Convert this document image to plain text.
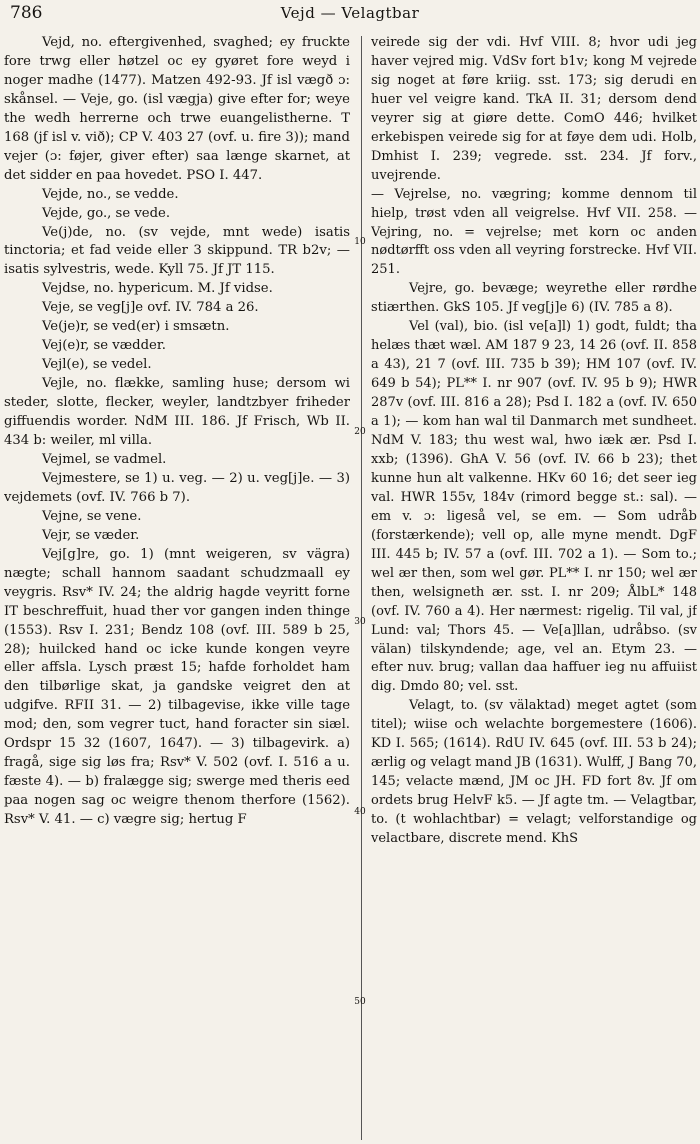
786	Vejd — Velagtbar

Vejd, no. eftergivenhed, svaghed; ey fruckte fore trwg eller høtzel oc ey gyøret fore weyd i noger madhe (1477). Matzen 492-93. Jf isl vægð ɔ: skånsel. — Veje, go. (isl vægja) give efter for; weye the wedh herrerne och trwe euangelistherne. T 168 (jf isl v. við); CP V. 403 27 (ovf. u. fire 3)); mand vejer (ɔ: føjer, giver efter) saa længe skarnet, at det sidder en paa hovedet. PSO I. 447.

Vejde, no., se vedde.

Vejde, go., se vede.

Ve(j)de, no. (sv vejde, mnt wede) isatis tinctoria; et fad veide eller 3 skippund. TR b2v; — isatis sylvestris, wede. Kyll 75. Jf JT 115.

Vejdse, no. hypericum. M. Jf vidse.

Veje, se veg[j]e ovf. IV. 784 a 26.

Ve(je)r, se ved(er) i smsætn.

Vej(e)r, se vædder.

Vejl(e), se vedel.

Vejle, no. flække, samling huse; dersom wi steder, slotte, flecker, weyler, landtzbyer friheder giffuendis worder. NdM III. 186. Jf Frisch, Wb II. 434 b: weiler, ml villa.

Vejmel, se vadmel.

Vejmestere, se 1) u. veg. — 2) u. veg[j]e. — 3) vejdemets (ovf. IV. 766 b 7).

Vejne, se vene.

Vejr, se væder.

Vej[g]re, go. 1) (mnt weigeren, sv vägra) nægte; schall hannom saadant schudzmaall ey veygris. Rsv* IV. 24; the aldrig hagde veyritt forne IT beschreffuit, huad ther vor gangen inden thinge (1553). Rsv I. 231; Bendz 108 (ovf. III. 589 b 25, 28); huilcked hand oc icke kunde kongen veyre eller affsla. Lysch præst 15; hafde forholdet ham den tilbørlige skat, ja gandske veigret den at udgifve. RFII 31. — 2) tilbagevise, ikke ville tage mod; den, som vegrer tuct, hand foracter sin siæl. Ordspr 15 32 (1607, 1647). — 3) tilbagevirk. a) fragå, sige sig løs fra; Rsv* V. 502 (ovf. I. 516 a u. fæste 4). — b) fralægge sig; swerge med theris eed paa nogen sag oc weigre thenom therfore (1562). Rsv* V. 41. — c) vægre sig; hertug F

10
20
30
40
50

veirede sig der vdi. Hvf VIII. 8; hvor udi jeg haver vejred mig. VdSv fort b1v; kong M vejrede sig noget at føre kriig. sst. 173; sig derudi en huer vel veigre kand. TkA II. 31; dersom dend veyrer sig at giøre dette. ComO 446; hvilket erkebispen veirede sig for at føye dem udi. Holb, Dmhist I. 239; vegrede. sst. 234. Jf forv., uvejrende.

— Vejrelse, no. vægring; komme dennom til hielp, trøst vden all veigrelse. Hvf VII. 258. — Vejring, no. = vejrelse; met korn oc anden nødtørfft oss vden all veyring forstrecke. Hvf VII. 251.

Vejre, go. bevæge; weyrethe eller rørdhe stiærthen. GkS 105. Jf veg[j]e 6) (IV. 785 a 8).

Vel (val), bio. (isl ve[a]l) 1) godt, fuldt; tha helæs thæt wæl. AM 187 9 23, 14 26 (ovf. II. 858 a 43), 21 7 (ovf. III. 735 b 39); HM 107 (ovf. IV. 649 b 54); PL** I. nr 907 (ovf. IV. 95 b 9); HWR 287v (ovf. III. 816 a 28); Psd I. 182 a (ovf. IV. 650 a 1); — kom han wal til Danmarch met sundheet. NdM V. 183; thu west wal, hwo iæk ær. Psd I. xxb; (1396). GhA V. 56 (ovf. IV. 66 b 23); thet kunne hun alt valkenne. HKv 60 16; det seer ieg val. HWR 155v, 184v (rimord begge st.: sal). — em v. ɔ: ligeså vel, se em. — Som udråb (forstærkende); vell op, alle myne mendt. DgF III. 445 b; IV. 57 a (ovf. III. 702 a 1). — Som to.; wel ær then, som wel gør. PL** I. nr 150; wel ær then, welsigneth ær. sst. I. nr 209; ÅlbL* 148 (ovf. IV. 760 a 4). Her nærmest: rigelig. Til val, jf Lund: val; Thors 45. — Ve[a]llan, udråbso. (sv välan) tilskyndende; age, vel an. Etym 23. — efter nuv. brug; vallan daa haffuer ieg nu affuiist dig. Dmdo 80; vel. sst.

Velagt, to. (sv välaktad) meget agtet (som titel); wiise och welachte borgemestere (1606). KD I. 565; (1614). RdU IV. 645 (ovf. III. 53 b 24); ærlig og velagt mand JB (1631). Wulff, J Bang 70, 145; velacte mænd, JM oc JH. FD fort 8v. Jf om ordets brug HelvF k5. — Jf agte tm. — Velagtbar, to. (t wohlachtbar) = velagt; velforstandige og velactbare, discrete mend. KhS
